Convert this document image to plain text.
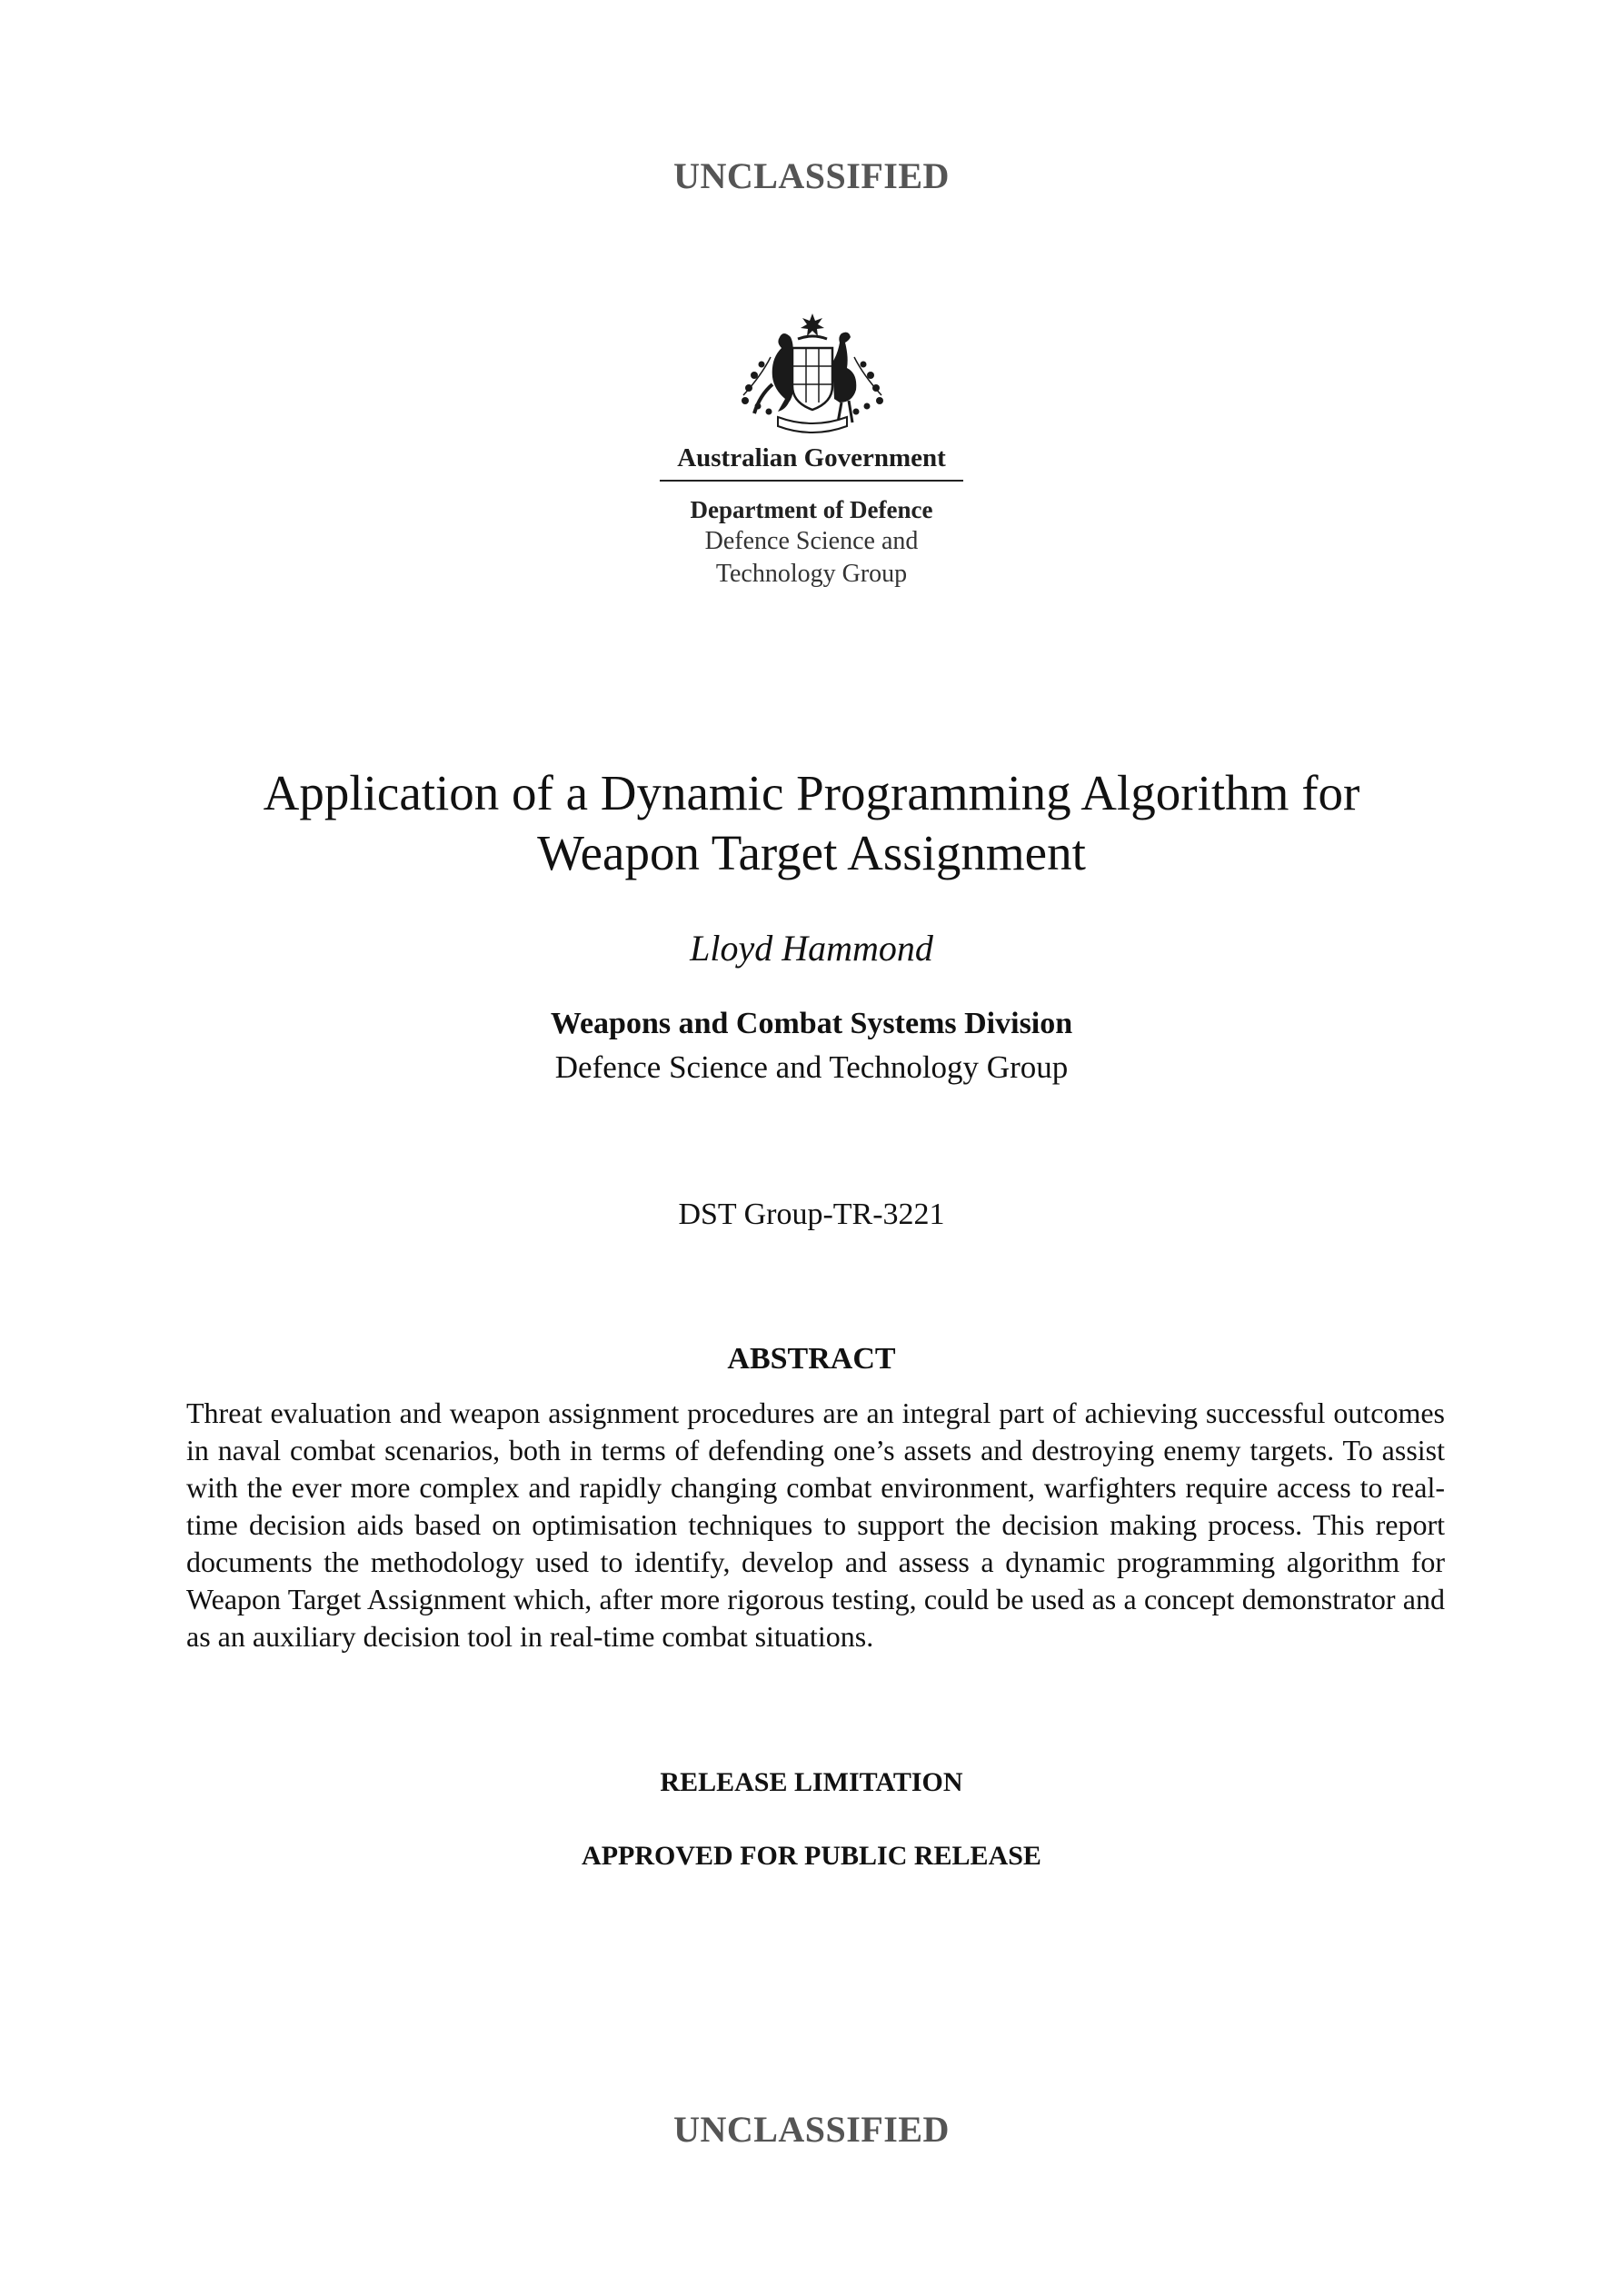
UNCLASSIFIED
Australian Government
Department of Defence
Defence Science and
Technology Group
Application of a Dynamic Programming Algorithm for
Weapon Target Assignment
Lloyd Hammond
Weapons and Combat Systems Division
Defence Science and Technology Group
DST Group-TR-3221
ABSTRACT

Threat evaluation and weapon assignment procedures are an integral part of achieving successful outcomes in naval combat scenarios, both in terms of defending one’s assets and destroying enemy targets. To assist with the ever more complex and rapidly changing combat environment, warfighters require access to real-time decision aids based on optimisation techniques to support the decision making process. This report documents the methodology used to identify, develop and assess a dynamic programming algorithm for Weapon Target Assignment which, after more rigorous testing, could be used as a concept demonstrator and as an auxiliary decision tool in real-time combat situations.

RELEASE LIMITATION
APPROVED FOR PUBLIC RELEASE
UNCLASSIFIED
